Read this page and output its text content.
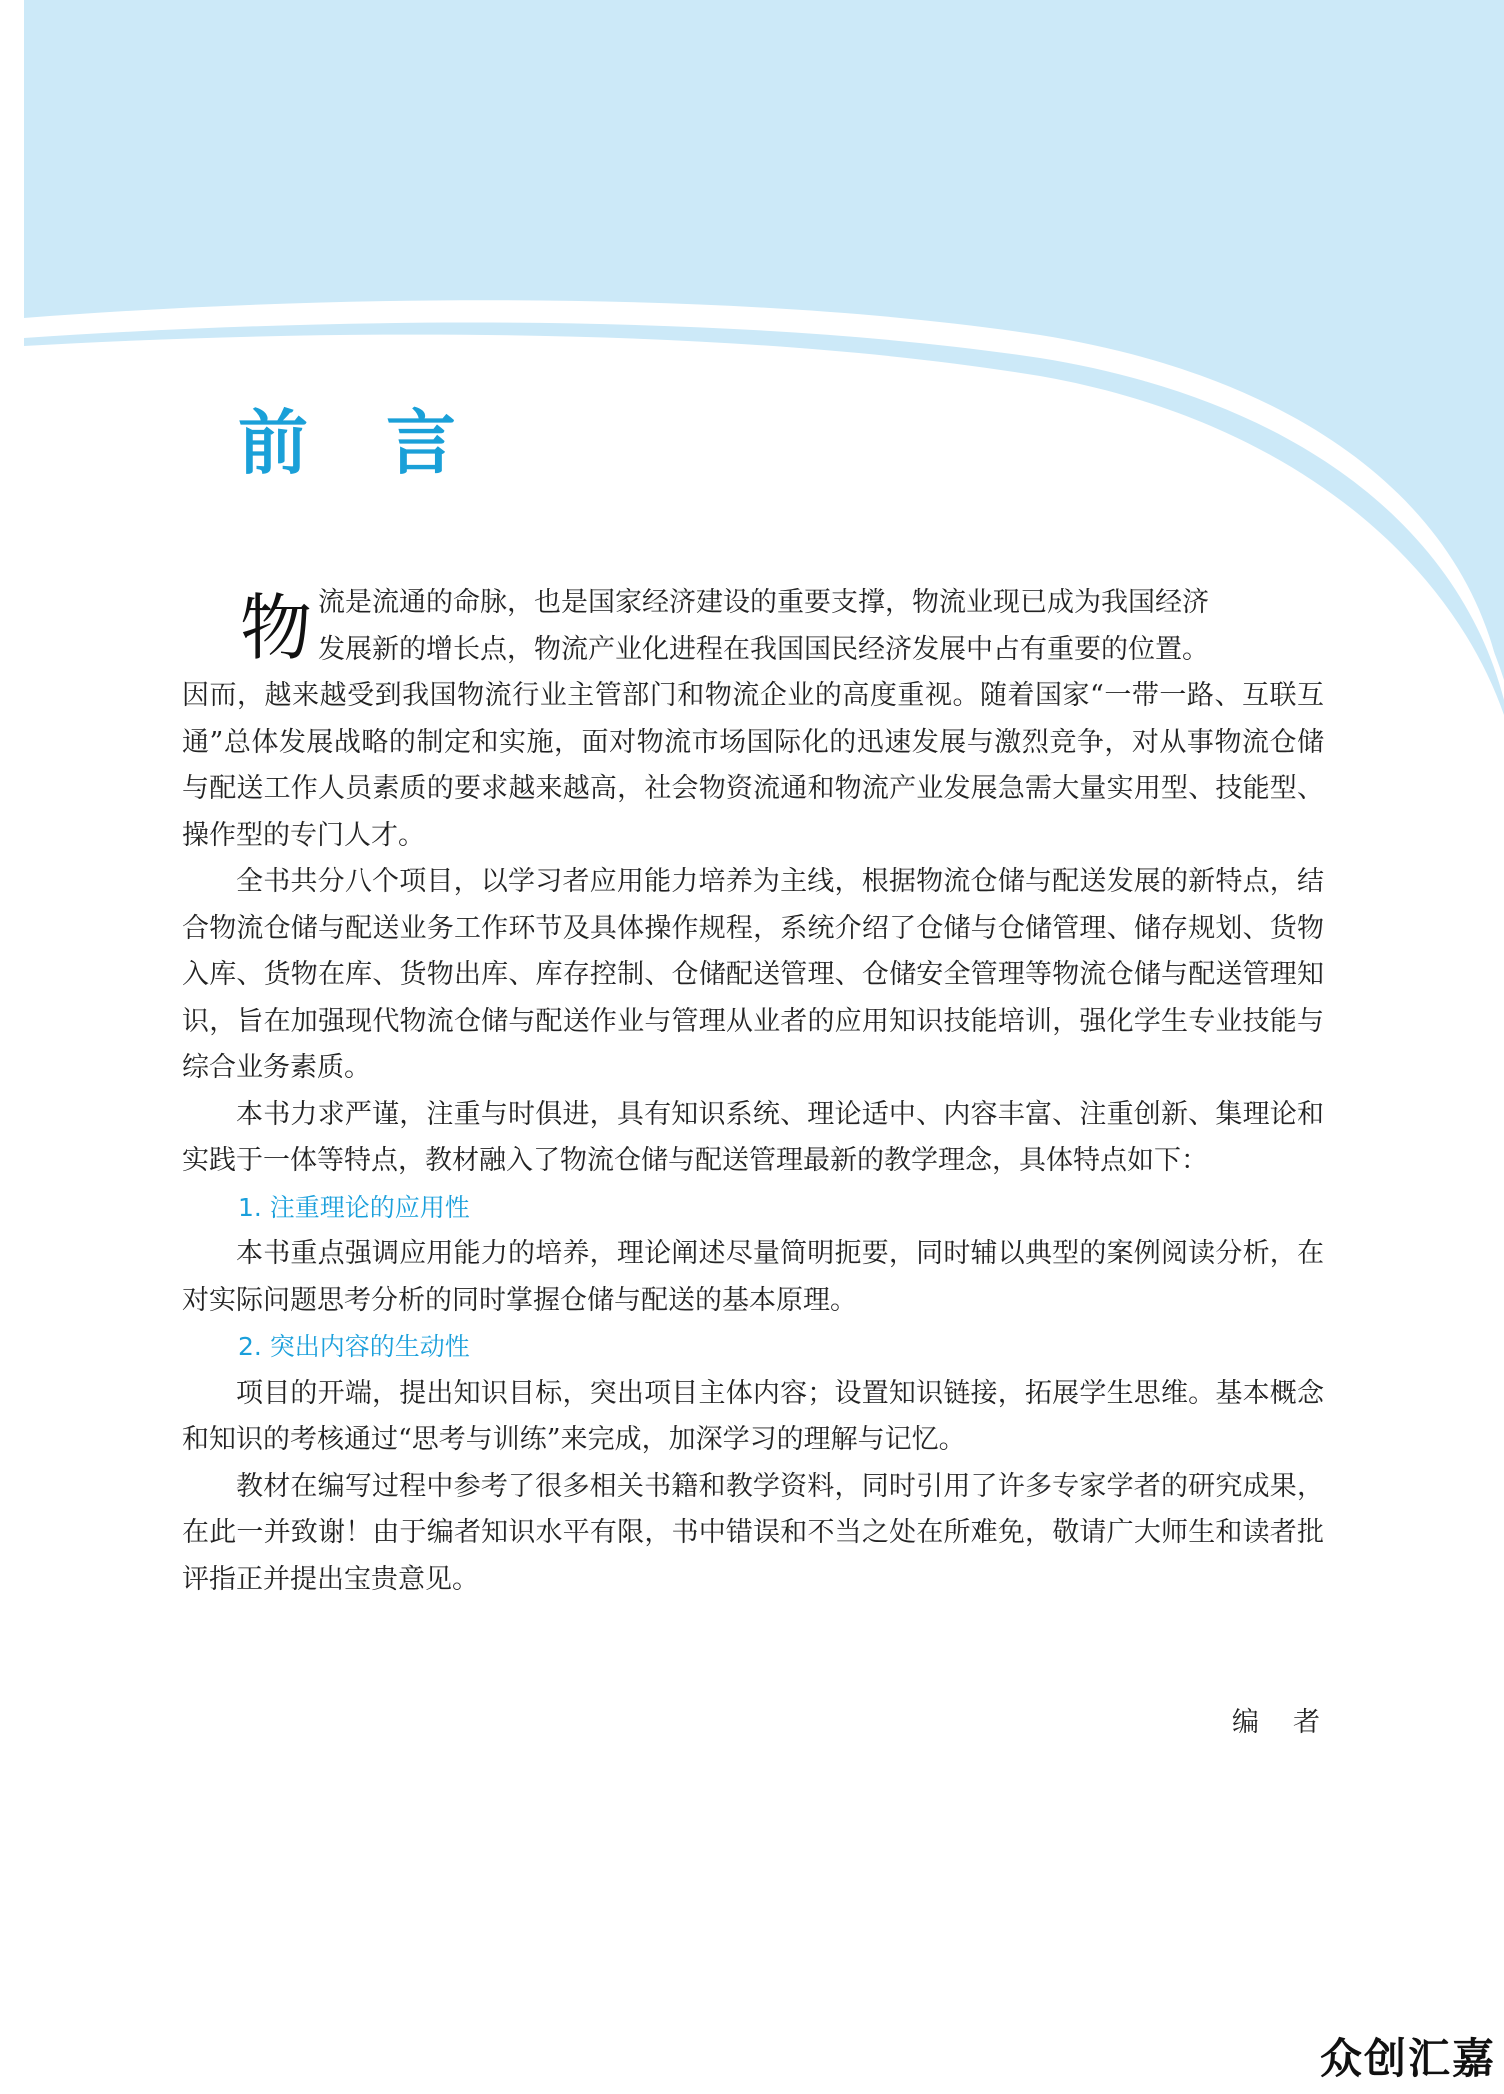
前 言
物 流是流通的命脉，也是国家经济建设的重要支撑，物流业现已成为我国经济
发展新的增长点，物流产业化进程在我国国民经济发展中占有重要的位置。

因而，越来越受到我国物流行业主管部门和物流企业的高度重视。随着国家“一带一路、互联互通”总体发展战略的制定和实施，面对物流市场国际化的迅速发展与激烈竞争，对从事物流仓储与配送工作人员素质的要求越来越高，社会物资流通和物流产业发展急需大量实用型、技能型、操作型的专门人才。

全书共分八个项目，以学习者应用能力培养为主线，根据物流仓储与配送发展的新特点，结合物流仓储与配送业务工作环节及具体操作规程，系统介绍了仓储与仓储管理、储存规划、货物入库、货物在库、货物出库、库存控制、仓储配送管理、仓储安全管理等物流仓储与配送管理知识，旨在加强现代物流仓储与配送作业与管理从业者的应用知识技能培训，强化学生专业技能与综合业务素质。

本书力求严谨，注重与时俱进，具有知识系统、理论适中、内容丰富、注重创新、集理论和实践于一体等特点，教材融入了物流仓储与配送管理最新的教学理念，具体特点如下：

1. 注重理论的应用性

本书重点强调应用能力的培养，理论阐述尽量简明扼要，同时辅以典型的案例阅读分析，在对实际问题思考分析的同时掌握仓储与配送的基本原理。

2. 突出内容的生动性

项目的开端，提出知识目标，突出项目主体内容；设置知识链接，拓展学生思维。基本概念和知识的考核通过“思考与训练”来完成，加深学习的理解与记忆。

教材在编写过程中参考了很多相关书籍和教学资料，同时引用了许多专家学者的研究成果，在此一并致谢！由于编者知识水平有限，书中错误和不当之处在所难免，敬请广大师生和读者批评指正并提出宝贵意见。

编 者
众创汇嘉
